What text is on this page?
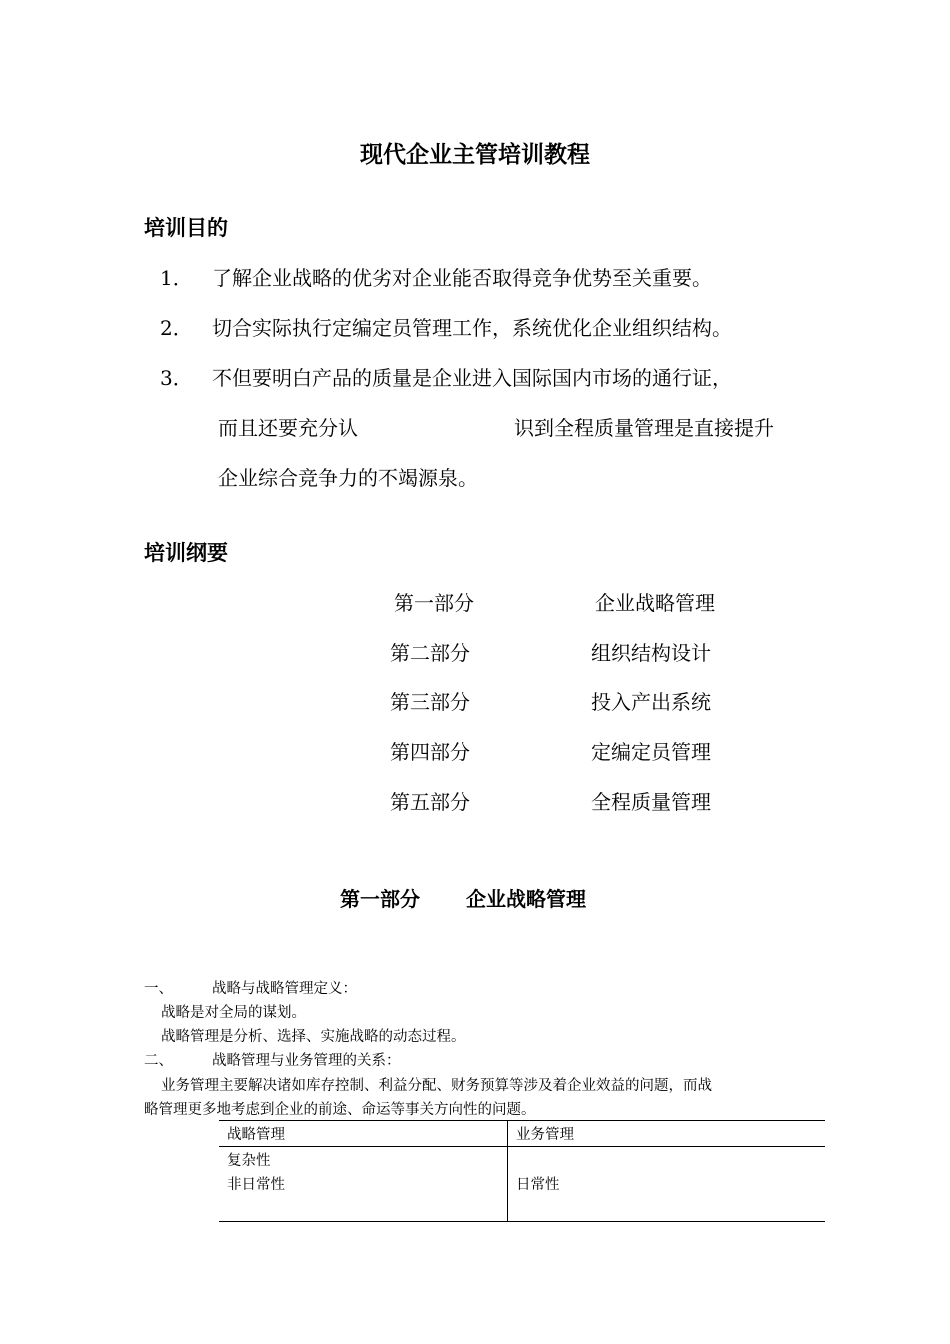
现代企业主管培训教程
培训目的
1． 了解企业战略的优劣对企业能否取得竞争优势至关重要。
2． 切合实际执行定编定员管理工作，系统优化企业组织结构。
3． 不但要明白产品的质量是企业进入国际国内市场的通行证，
而且还要充分认	识到全程质量管理是直接提升
企业综合竞争力的不竭源泉。
培训纲要
第一部分	企业战略管理
第二部分	组织结构设计
第三部分	投入产出系统
第四部分	定编定员管理
第五部分	全程质量管理
第一部分 企业战略管理
一、	战略与战略管理定义：
战略是对全局的谋划。
战略管理是分析、选择、实施战略的动态过程。
二、	战略管理与业务管理的关系：
业务管理主要解决诸如库存控制、利益分配、财务预算等涉及着企业效益的问题，而战
略管理更多地考虑到企业的前途、命运等事关方向性的问题。
战略管理	业务管理

复杂性
非日常性	日常性
